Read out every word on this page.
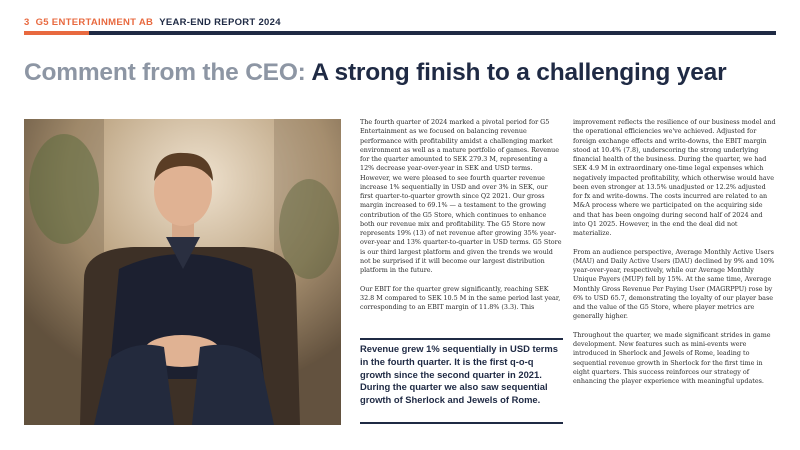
3 G5 ENTERTAINMENT AB YEAR-END REPORT 2024
Comment from the CEO: A strong finish to a challenging year

The fourth quarter of 2024 marked a pivotal period for G5 Entertainment as we focused on balancing revenue performance with profitability amidst a challenging market environment as well as a mature portfolio of games. Revenue for the quarter amounted to SEK 279.3 M, representing a 12% decrease year-over-year in SEK and USD terms. However, we were pleased to see fourth quarter revenue increase 1% sequentially in USD and over 3% in SEK, our first quarter-to-quarter growth since Q2 2021. Our gross margin increased to 69.1% — a testament to the growing contribution of the G5 Store, which continues to enhance both our revenue mix and profitability. The G5 Store now represents 19% (13) of net revenue after growing 35% year-over-year and 13% quarter-to-quarter in USD terms. G5 Store is our third largest platform and given the trends we would not be surprised if it will become our largest distribution platform in the future.

Our EBIT for the quarter grew significantly, reaching SEK 32.8 M compared to SEK 10.5 M in the same period last year, corresponding to an EBIT margin of 11.8% (3.3). This

Revenue grew 1% sequentially in USD terms in the fourth quarter. It is the first q-o-q growth since the second quarter in 2021. During the quarter we also saw sequential growth of Sherlock and Jewels of Rome.

improvement reflects the resilience of our business model and the operational efficiencies we've achieved. Adjusted for foreign exchange effects and write-downs, the EBIT margin stood at 10.4% (7.8), underscoring the strong underlying financial health of the business. During the quarter, we had SEK 4.9 M in extraordinary one-time legal expenses which negatively impacted profitability, which otherwise would have been even stronger at 13.5% unadjusted or 12.2% adjusted for fx and write-downs. The costs incurred are related to an M&A process where we participated on the acquiring side and that has been ongoing during second half of 2024 and into Q1 2025. However, in the end the deal did not materialize.

From an audience perspective, Average Monthly Active Users (MAU) and Daily Active Users (DAU) declined by 9% and 10% year-over-year, respectively, while our Average Monthly Unique Payers (MUP) fell by 15%. At the same time, Average Monthly Gross Revenue Per Paying User (MAGRPPU) rose by 6% to USD 65.7, demonstrating the loyalty of our player base and the value of the G5 Store, where player metrics are generally higher.

Throughout the quarter, we made significant strides in game development. New features such as mini-events were introduced in Sherlock and Jewels of Rome, leading to sequential revenue growth in Sherlock for the first time in eight quarters. This success reinforces our strategy of enhancing the player experience with meaningful updates.
